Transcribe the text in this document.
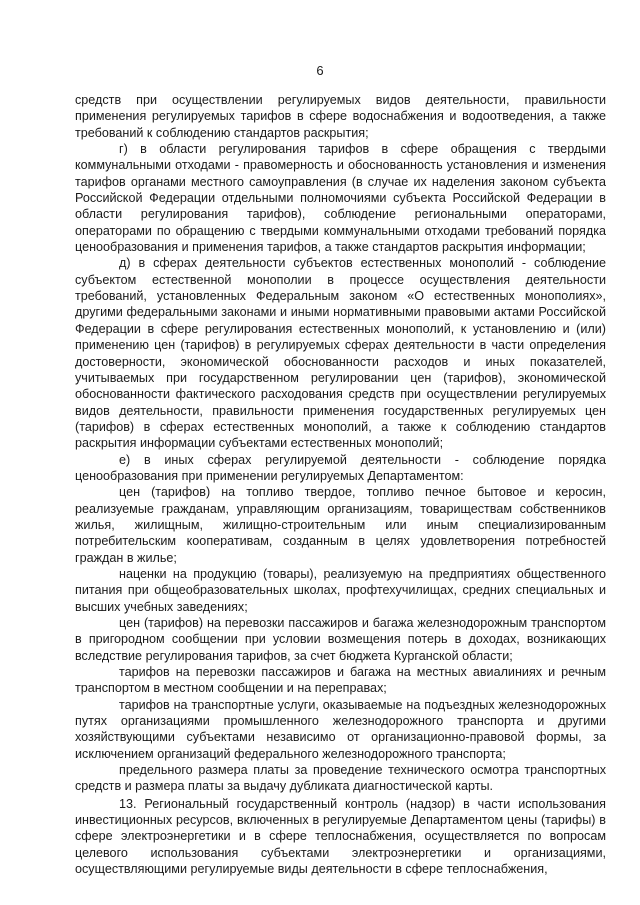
6

средств при осуществлении регулируемых видов деятельности, правильности применения регулируемых тарифов в сфере водоснабжения и водоотведения, а также требований к соблюдению стандартов раскрытия;

г) в области регулирования тарифов в сфере обращения с твердыми коммунальными отходами - правомерность и обоснованность установления и изменения тарифов органами местного самоуправления (в случае их наделения законом субъекта Российской Федерации отдельными полномочиями субъекта Российской Федерации в области регулирования тарифов), соблюдение региональными операторами, операторами по обращению с твердыми коммунальными отходами требований порядка ценообразования и применения тарифов, а также стандартов раскрытия информации;

д) в сферах деятельности субъектов естественных монополий - соблюдение субъектом естественной монополии в процессе осуществления деятельности требований, установленных Федеральным законом «О естественных монополиях», другими федеральными законами и иными нормативными правовыми актами Российской Федерации в сфере регулирования естественных монополий, к установлению и (или) применению цен (тарифов) в регулируемых сферах деятельности в части определения достоверности, экономической обоснованности расходов и иных показателей, учитываемых при государственном регулировании цен (тарифов), экономической обоснованности фактического расходования средств при осуществлении регулируемых видов деятельности, правильности применения государственных регулируемых цен (тарифов) в сферах естественных монополий, а также к соблюдению стандартов раскрытия информации субъектами естественных монополий;

е) в иных сферах регулируемой деятельности - соблюдение порядка ценообразования при применении регулируемых Департаментом:

цен (тарифов) на топливо твердое, топливо печное бытовое и керосин, реализуемые гражданам, управляющим организациям, товариществам собственников жилья, жилищным, жилищно-строительным или иным специализированным потребительским кооперативам, созданным в целях удовлетворения потребностей граждан в жилье;

наценки на продукцию (товары), реализуемую на предприятиях общественного питания при общеобразовательных школах, профтехучилищах, средних специальных и высших учебных заведениях;

цен (тарифов) на перевозки пассажиров и багажа железнодорожным транспортом в пригородном сообщении при условии возмещения потерь в доходах, возникающих вследствие регулирования тарифов, за счет бюджета Курганской области;

тарифов на перевозки пассажиров и багажа на местных авиалиниях и речным транспортом в местном сообщении и на переправах;

тарифов на транспортные услуги, оказываемые на подъездных железнодорожных путях организациями промышленного железнодорожного транспорта и другими хозяйствующими субъектами независимо от организационно-правовой формы, за исключением организаций федерального железнодорожного транспорта;

предельного размера платы за проведение технического осмотра транспортных средств и размера платы за выдачу дубликата диагностической карты.

13. Региональный государственный контроль (надзор) в части использования инвестиционных ресурсов, включенных в регулируемые Департаментом цены (тарифы) в сфере электроэнергетики и в сфере теплоснабжения, осуществляется по вопросам целевого использования субъектами электроэнергетики и организациями, осуществляющими регулируемые виды деятельности в сфере теплоснабжения,
